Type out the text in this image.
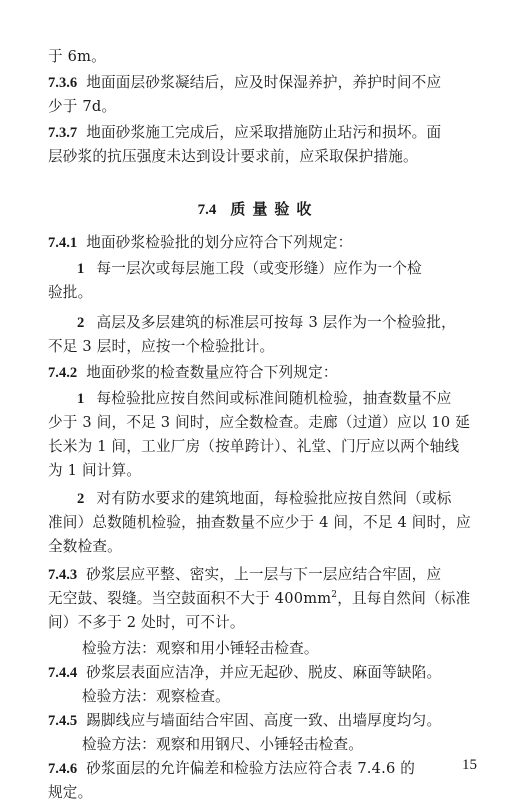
于 6m。
7.3.6 地面面层砂浆凝结后，应及时保湿养护，养护时间不应
少于 7d。
7.3.7 地面砂浆施工完成后，应采取措施防止玷污和损坏。面
层砂浆的抗压强度未达到设计要求前，应采取保护措施。
7.4 质量验收
7.4.1 地面砂浆检验批的划分应符合下列规定：
1 每一层次或每层施工段（或变形缝）应作为一个检
验批。
2 高层及多层建筑的标准层可按每 3 层作为一个检验批，
不足 3 层时，应按一个检验批计。
7.4.2 地面砂浆的检查数量应符合下列规定：
1 每检验批应按自然间或标准间随机检验，抽查数量不应
少于 3 间，不足 3 间时，应全数检查。走廊（过道）应以 10 延
长米为 1 间，工业厂房（按单跨计）、礼堂、门厅应以两个轴线
为 1 间计算。
2 对有防水要求的建筑地面，每检验批应按自然间（或标
准间）总数随机检验，抽查数量不应少于 4 间，不足 4 间时，应
全数检查。
7.4.3 砂浆层应平整、密实，上一层与下一层应结合牢固，应
无空鼓、裂缝。当空鼓面积不大于 $400mm^2$，且每自然间（标准
间）不多于 2 处时，可不计。
检验方法：观察和用小锤轻击检查。
7.4.4 砂浆层表面应洁净，并应无起砂、脱皮、麻面等缺陷。
检验方法：观察检查。
7.4.5 踢脚线应与墙面结合牢固、高度一致、出墙厚度均匀。
检验方法：观察和用钢尺、小锤轻击检查。
7.4.6 砂浆面层的允许偏差和检验方法应符合表 7.4.6 的
规定。
15
